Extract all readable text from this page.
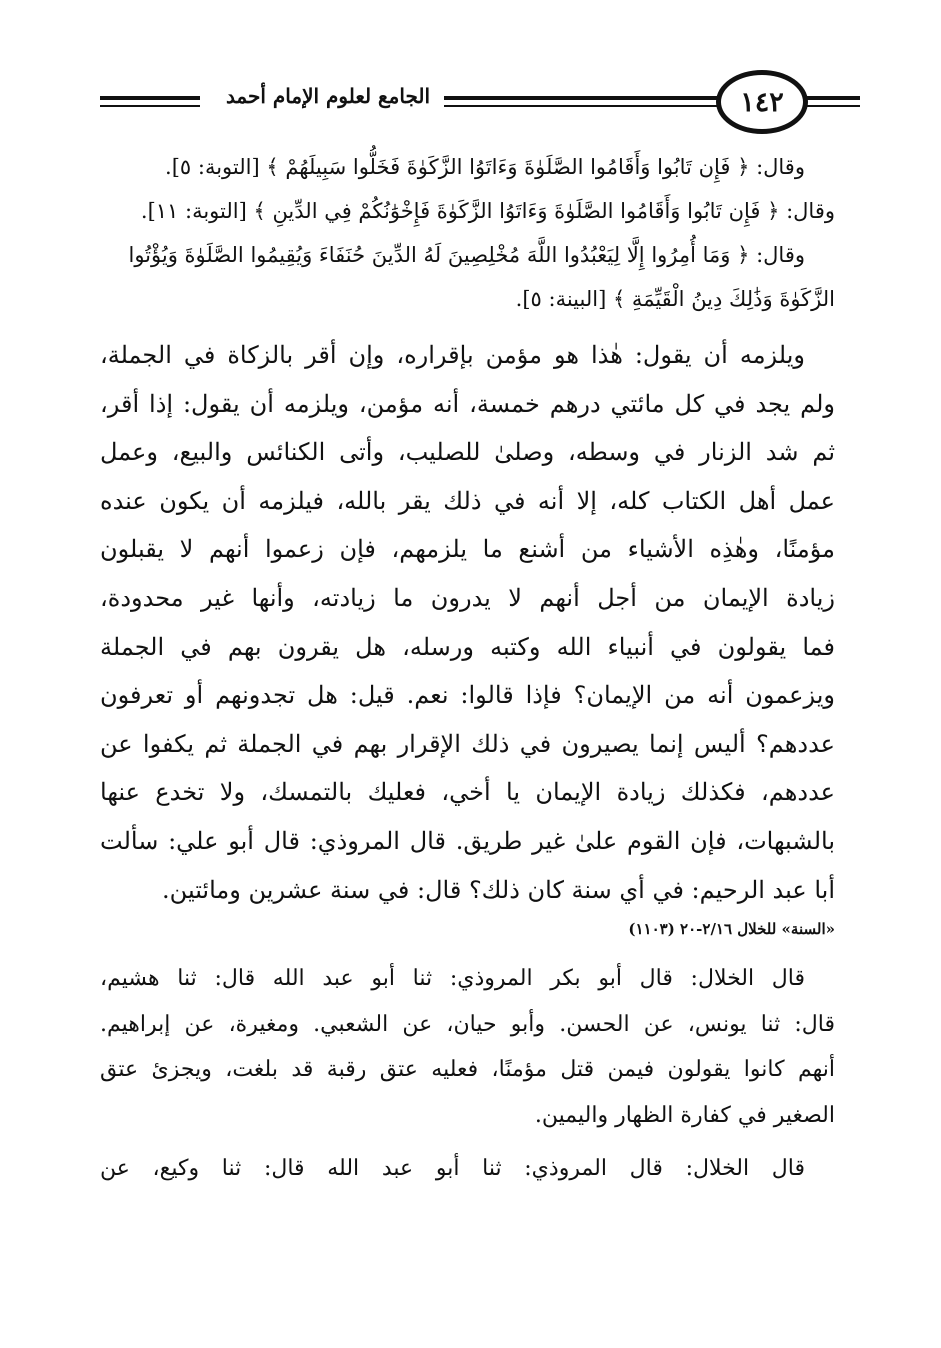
١٤٢
الجامع لعلوم الإمام أحمد

وقال: ﴿ فَإِن تَابُوا وَأَقَامُوا الصَّلَوٰةَ وَءَاتَوُا الزَّكَوٰةَ فَخَلُّوا سَبِيلَهُمْ ﴾ [التوبة: ٥].

وقال: ﴿ فَإِن تَابُوا وَأَقَامُوا الصَّلَوٰةَ وَءَاتَوُا الزَّكَوٰةَ فَإِخْوَٰنُكُمْ فِي الدِّينِ ﴾ [التوبة: ١١].

وقال: ﴿ وَمَا أُمِرُوا إِلَّا لِيَعْبُدُوا اللَّهَ مُخْلِصِينَ لَهُ الدِّينَ حُنَفَاءَ وَيُقِيمُوا الصَّلَوٰةَ وَيُؤْتُوا

الزَّكَوٰةَ وَذَٰلِكَ دِينُ الْقَيِّمَةِ ﴾ [البينة: ٥].

ويلزمه أن يقول: هٰذا هو مؤمن بإقراره، وإن أقر بالزكاة في الجملة،
ولم يجد في كل مائتي درهم خمسة، أنه مؤمن، ويلزمه أن يقول: إذا أقر،
ثم شد الزنار في وسطه، وصلىٰ للصليب، وأتى الكنائس والبيع، وعمل
عمل أهل الكتاب كله، إلا أنه في ذلك يقر بالله، فيلزمه أن يكون عنده
مؤمنًا، وهٰذِه الأشياء من أشنع ما يلزمهم، فإن زعموا أنهم لا يقبلون
زيادة الإيمان من أجل أنهم لا يدرون ما زيادته، وأنها غير محدودة،
فما يقولون في أنبياء الله وكتبه ورسله، هل يقرون بهم في الجملة
ويزعمون أنه من الإيمان؟ فإذا قالوا: نعم. قيل: هل تجدونهم أو تعرفون
عددهم؟ أليس إنما يصيرون في ذلك الإقرار بهم في الجملة ثم يكفوا عن
عددهم، فكذلك زيادة الإيمان يا أخي، فعليك بالتمسك، ولا تخدع عنها
بالشبهات، فإن القوم علىٰ غير طريق. قال المروذي: قال أبو علي: سألت
أبا عبد الرحيم: في أي سنة كان ذلك؟ قال: في سنة عشرين ومائتين.
«السنة» للخلال ٢/١٦-٢٠ (١١٠٣)
قال الخلال: قال أبو بكر المروذي: ثنا أبو عبد الله قال: ثنا هشيم،
قال: ثنا يونس، عن الحسن. وأبو حيان، عن الشعبي. ومغيرة، عن إبراهيم.
أنهم كانوا يقولون فيمن قتل مؤمنًا، فعليه عتق رقبة قد بلغت، ويجزئ عتق
الصغير في كفارة الظهار واليمين.
قال الخلال: قال المروذي: ثنا أبو عبد الله قال: ثنا وكيع، عن
